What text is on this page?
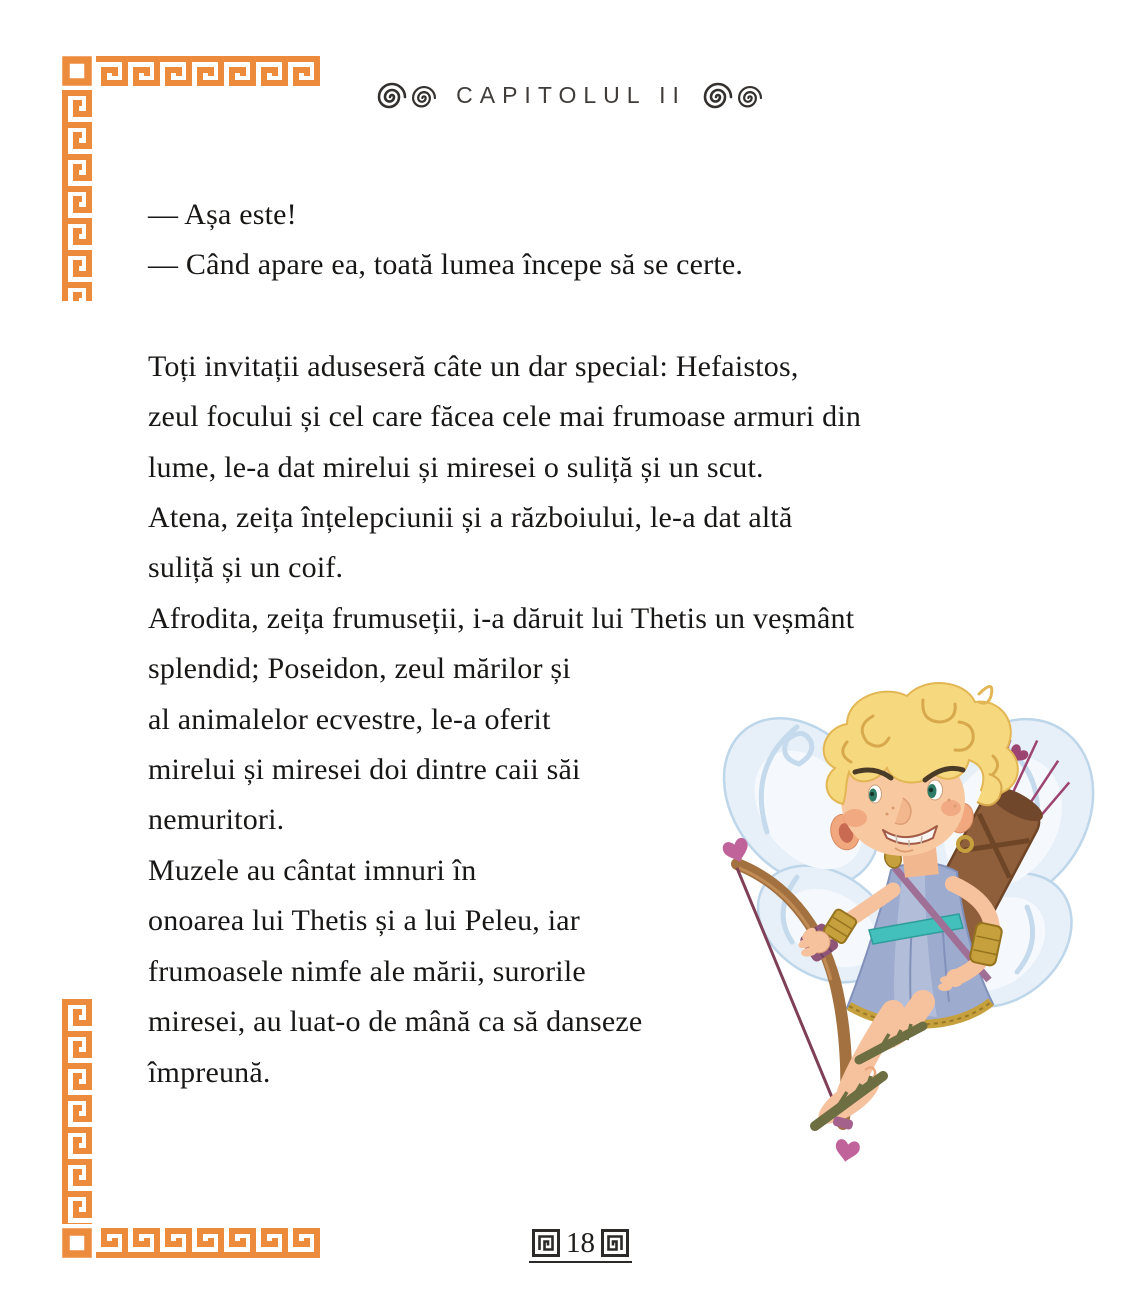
CAPITOLUL II

— Așa este!

— Când apare ea, toată lumea începe să se certe.

Toți invitații aduseseră câte un dar special: Hefaistos,

zeul focului și cel care făcea cele mai frumoase armuri din

lume, le-a dat mirelui și miresei o suliță și un scut.

Atena, zeița înțelepciunii și a războiului, le-a dat altă

suliță și un coif.

Afrodita, zeița frumuseții, i-a dăruit lui Thetis un veșmânt

splendid; Poseidon, zeul mărilor și

al animalelor ecvestre, le-a oferit

mirelui și miresei doi dintre caii săi

nemuritori.

Muzele au cântat imnuri în

onoarea lui Thetis și a lui Peleu, iar

frumoasele nimfe ale mării, surorile

miresei, au luat-o de mână ca să danseze

împreună.

18
